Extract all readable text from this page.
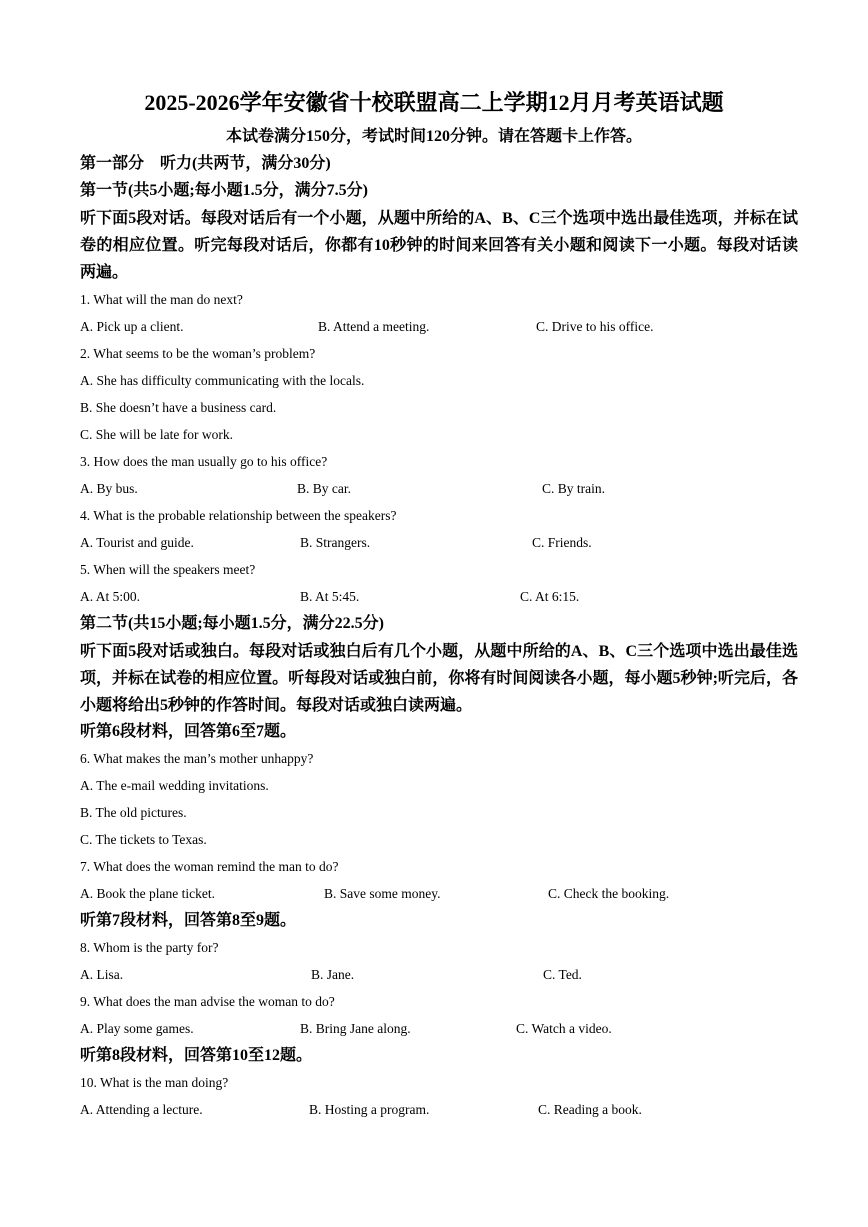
2025-2026学年安徽省十校联盟高二上学期12月月考英语试题
本试卷满分150分，考试时间120分钟。请在答题卡上作答。
第一部分　听力(共两节，满分30分)
第一节(共5小题;每小题1.5分，满分7.5分)
听下面5段对话。每段对话后有一个小题，从题中所给的A、B、C三个选项中选出最佳选项，并标在试卷的相应位置。听完每段对话后，你都有10秒钟的时间来回答有关小题和阅读下一小题。每段对话读两遍。
1. What will the man do next?
A. Pick up a client.	B. Attend a meeting.	C. Drive to his office.
2. What seems to be the woman’s problem?
A. She has difficulty communicating with the locals.
B. She doesn’t have a business card.
C. She will be late for work.
3. How does the man usually go to his office?
A. By bus.	B. By car.	C. By train.
4. What is the probable relationship between the speakers?
A. Tourist and guide.	B. Strangers.	C. Friends.
5. When will the speakers meet?
A. At 5:00.	B. At 5:45.	C. At 6:15.
第二节(共15小题;每小题1.5分，满分22.5分)
听下面5段对话或独白。每段对话或独白后有几个小题，从题中所给的A、B、C三个选项中选出最佳选项，并标在试卷的相应位置。听每段对话或独白前，你将有时间阅读各小题，每小题5秒钟;听完后，各小题将给出5秒钟的作答时间。每段对话或独白读两遍。
听第6段材料，回答第6至7题。
6. What makes the man’s mother unhappy?
A. The e-mail wedding invitations.
B. The old pictures.
C. The tickets to Texas.
7. What does the woman remind the man to do?
A. Book the plane ticket.	B. Save some money.	C. Check the booking.
听第7段材料，回答第8至9题。
8. Whom is the party for?
A. Lisa.	B. Jane.	C. Ted.
9. What does the man advise the woman to do?
A. Play some games.	B. Bring Jane along.	C. Watch a video.
听第8段材料，回答第10至12题。
10. What is the man doing?
A. Attending a lecture.	B. Hosting a program.	C. Reading a book.
